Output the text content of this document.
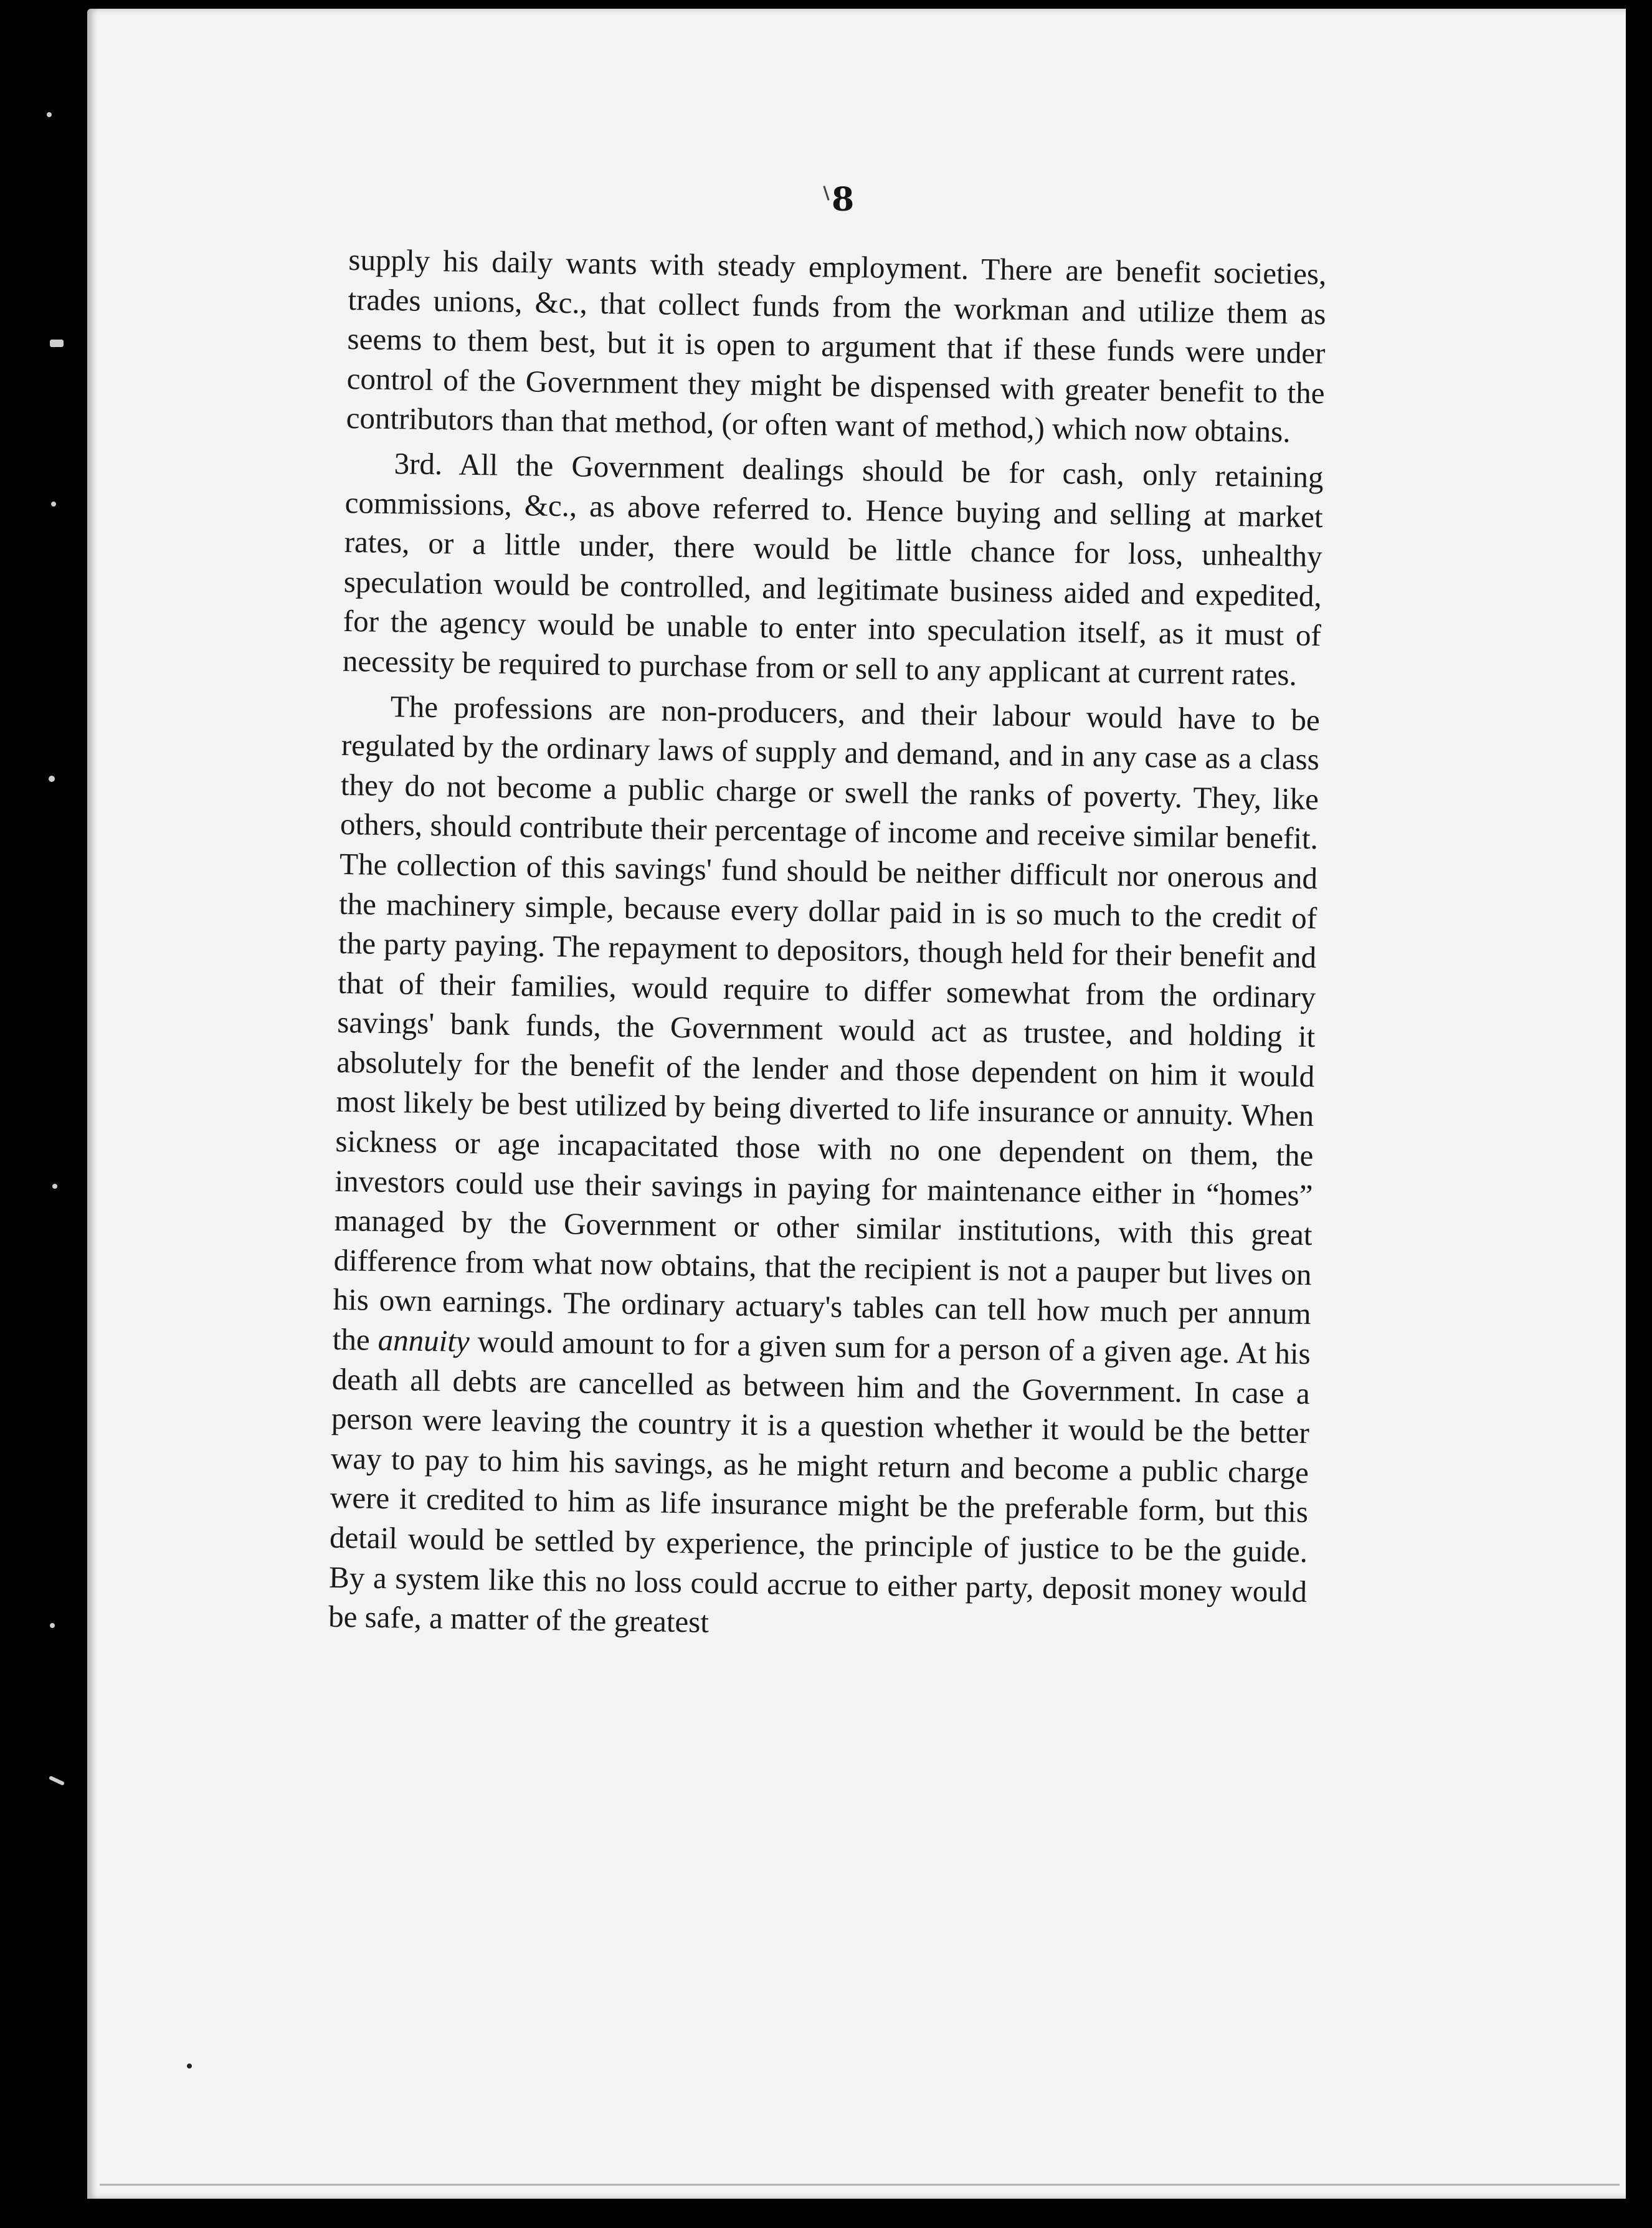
8

supply his daily wants with steady employment. There are benefit societies, trades unions, &c., that collect funds from the workman and utilize them as seems to them best, but it is open to argument that if these funds were under control of the Government they might be dispensed with greater benefit to the contributors than that method, (or often want of method,) which now obtains.

3rd. All the Government dealings should be for cash, only retaining commissions, &c., as above referred to. Hence buying and selling at market rates, or a little under, there would be little chance for loss, unhealthy speculation would be controlled, and legitimate business aided and expedited, for the agency would be unable to enter into speculation itself, as it must of necessity be required to purchase from or sell to any applicant at current rates.

The professions are non-producers, and their labour would have to be regulated by the ordinary laws of supply and demand, and in any case as a class they do not become a public charge or swell the ranks of poverty. They, like others, should contribute their percentage of income and receive similar benefit. The collection of this savings' fund should be neither difficult nor onerous and the machinery simple, because every dollar paid in is so much to the credit of the party paying. The repayment to depositors, though held for their benefit and that of their families, would require to differ somewhat from the ordinary savings' bank funds, the Government would act as trustee, and holding it absolutely for the benefit of the lender and those dependent on him it would most likely be best utilized by being diverted to life insurance or annuity. When sickness or age incapacitated those with no one dependent on them, the investors could use their savings in paying for maintenance either in “homes” managed by the Government or other similar institutions, with this great difference from what now obtains, that the recipient is not a pauper but lives on his own earnings. The ordinary actuary's tables can tell how much per annum the annuity would amount to for a given sum for a person of a given age. At his death all debts are cancelled as between him and the Government. In case a person were leaving the country it is a question whether it would be the better way to pay to him his savings, as he might return and become a public charge were it credited to him as life insurance might be the preferable form, but this detail would be settled by experience, the principle of justice to be the guide. By a system like this no loss could accrue to either party, deposit money would be safe, a matter of the greatest
